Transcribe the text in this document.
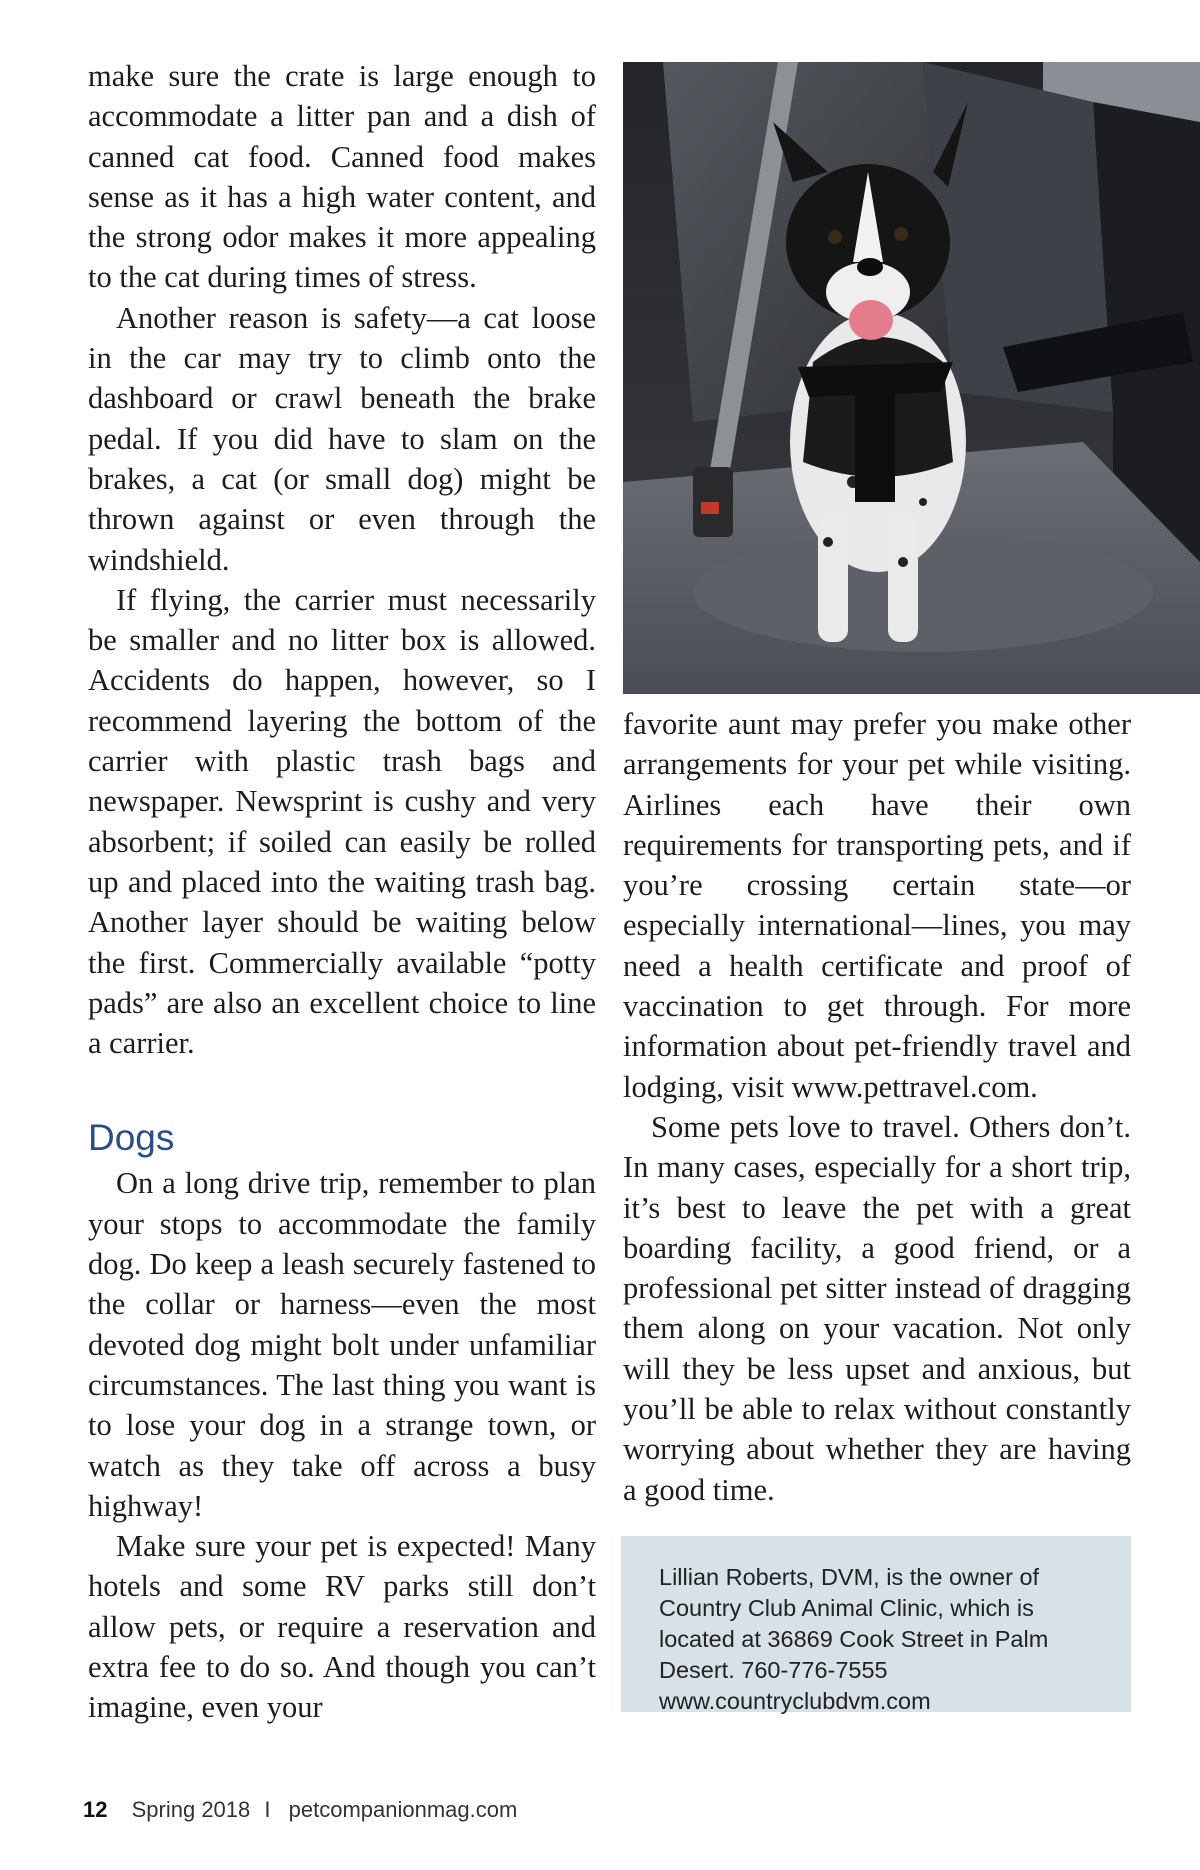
make sure the crate is large enough to accommodate a litter pan and a dish of canned cat food. Canned food makes sense as it has a high water content, and the strong odor makes it more appealing to the cat during times of stress.

Another reason is safety—a cat loose in the car may try to climb onto the dashboard or crawl beneath the brake pedal. If you did have to slam on the brakes, a cat (or small dog) might be thrown against or even through the windshield.

If flying, the carrier must necessarily be smaller and no litter box is allowed. Accidents do happen, however, so I recommend layering the bottom of the carrier with plastic trash bags and newspaper. Newsprint is cushy and very absorbent; if soiled can easily be rolled up and placed into the waiting trash bag. Another layer should be waiting below the first. Commercially available “potty pads” are also an excellent choice to line a carrier.

Dogs

On a long drive trip, remember to plan your stops to accommodate the family dog. Do keep a leash securely fastened to the collar or harness—even the most devoted dog might bolt under unfamiliar circumstances. The last thing you want is to lose your dog in a strange town, or watch as they take off across a busy highway!

Make sure your pet is expected! Many hotels and some RV parks still don’t allow pets, or require a reservation and extra fee to do so. And though you can’t imagine, even your

favorite aunt may prefer you make other arrangements for your pet while visiting. Airlines each have their own requirements for transporting pets, and if you’re crossing certain state—or especially international—lines, you may need a health certificate and proof of vaccination to get through. For more information about pet-friendly travel and lodging, visit www.pettravel.com.

Some pets love to travel. Others don’t. In many cases, especially for a short trip, it’s best to leave the pet with a great boarding facility, a good friend, or a professional pet sitter instead of dragging them along on your vacation. Not only will they be less upset and anxious, but you’ll be able to relax without constantly worrying about whether they are having a good time.

Lillian Roberts, DVM, is the owner of
Country Club Animal Clinic, which is
located at 36869 Cook Street in Palm
Desert. 760-776-7555
www.countryclubdvm.com
12 Spring 2018 I petcompanionmag.com
